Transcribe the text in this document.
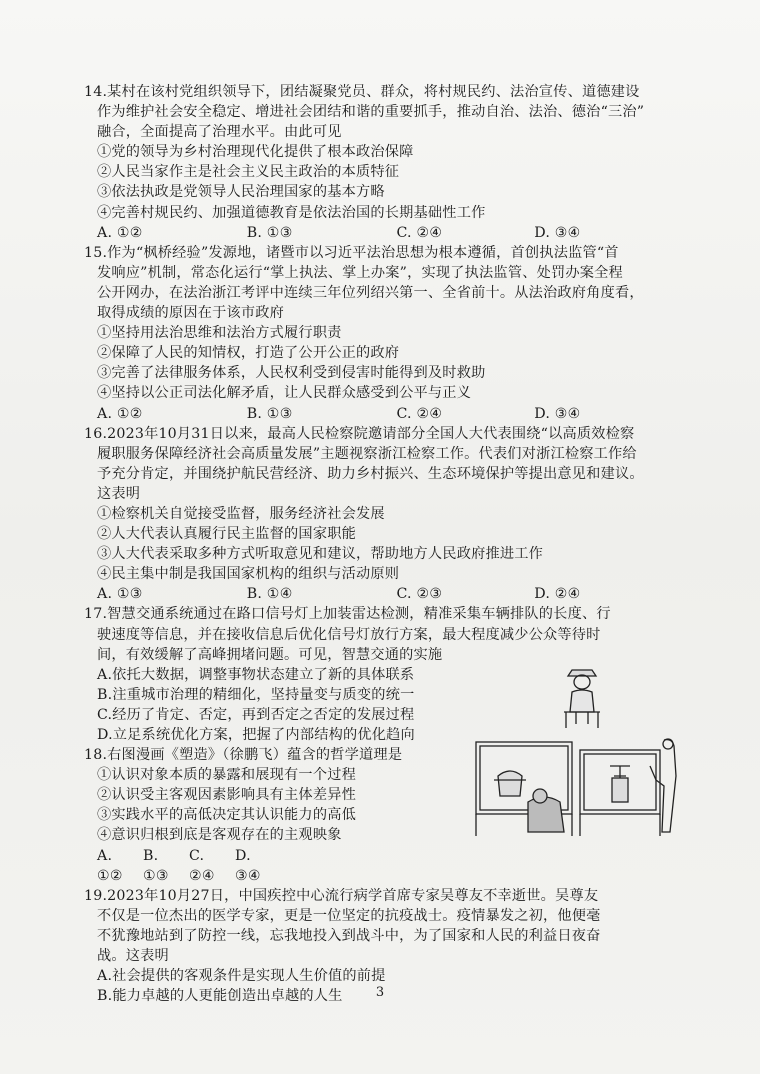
14.某村在该村党组织领导下，团结凝聚党员、群众，将村规民约、法治宣传、道德建设
作为维护社会安全稳定、增进社会团结和谐的重要抓手，推动自治、法治、德治“三治”
融合，全面提高了治理水平。由此可见
①党的领导为乡村治理现代化提供了根本政治保障
②人民当家作主是社会主义民主政治的本质特征
③依法执政是党领导人民治理国家的基本方略
④完善村规民约、加强道德教育是依法治国的长期基础性工作
A. ①②	B. ①③	C. ②④	D. ③④
15.作为“枫桥经验”发源地，诸暨市以习近平法治思想为根本遵循，首创执法监管“首
发响应”机制，常态化运行“掌上执法、掌上办案”，实现了执法监管、处罚办案全程
公开网办，在法治浙江考评中连续三年位列绍兴第一、全省前十。从法治政府角度看，
取得成绩的原因在于该市政府
①坚持用法治思维和法治方式履行职责
②保障了人民的知情权，打造了公开公正的政府
③完善了法律服务体系，人民权利受到侵害时能得到及时救助
④坚持以公正司法化解矛盾，让人民群众感受到公平与正义
A. ①②	B. ①③	C. ②④	D. ③④
16.2023年10月31日以来，最高人民检察院邀请部分全国人大代表围绕“以高质效检察
履职服务保障经济社会高质量发展”主题视察浙江检察工作。代表们对浙江检察工作给
予充分肯定，并围绕护航民营经济、助力乡村振兴、生态环境保护等提出意见和建议。
这表明
①检察机关自觉接受监督，服务经济社会发展
②人大代表认真履行民主监督的国家职能
③人大代表采取多种方式听取意见和建议，帮助地方人民政府推进工作
④民主集中制是我国国家机构的组织与活动原则
A. ①③	B. ①④	C. ②③	D. ②④
17.智慧交通系统通过在路口信号灯上加装雷达检测，精准采集车辆排队的长度、行
驶速度等信息，并在接收信息后优化信号灯放行方案，最大程度减少公众等待时
间，有效缓解了高峰拥堵问题。可见，智慧交通的实施
A.依托大数据，调整事物状态建立了新的具体联系
B.注重城市治理的精细化，坚持量变与质变的统一
C.经历了肯定、否定，再到否定之否定的发展过程
D.立足系统优化方案，把握了内部结构的优化趋向
18.右图漫画《塑造》（徐鹏飞）蕴含的哲学道理是
①认识对象本质的暴露和展现有一个过程
②认识受主客观因素影响具有主体差异性
③实践水平的高低决定其认识能力的高低
④意识归根到底是客观存在的主观映象
A. ①②
B. ①③
C. ②④
D. ③④
19.2023年10月27日，中国疾控中心流行病学首席专家吴尊友不幸逝世。吴尊友
不仅是一位杰出的医学专家，更是一位坚定的抗疫战士。疫情暴发之初，他便毫
不犹豫地站到了防控一线，忘我地投入到战斗中，为了国家和人民的利益日夜奋
战。这表明
A.社会提供的客观条件是实现人生价值的前提
B.能力卓越的人更能创造出卓越的人生	3
